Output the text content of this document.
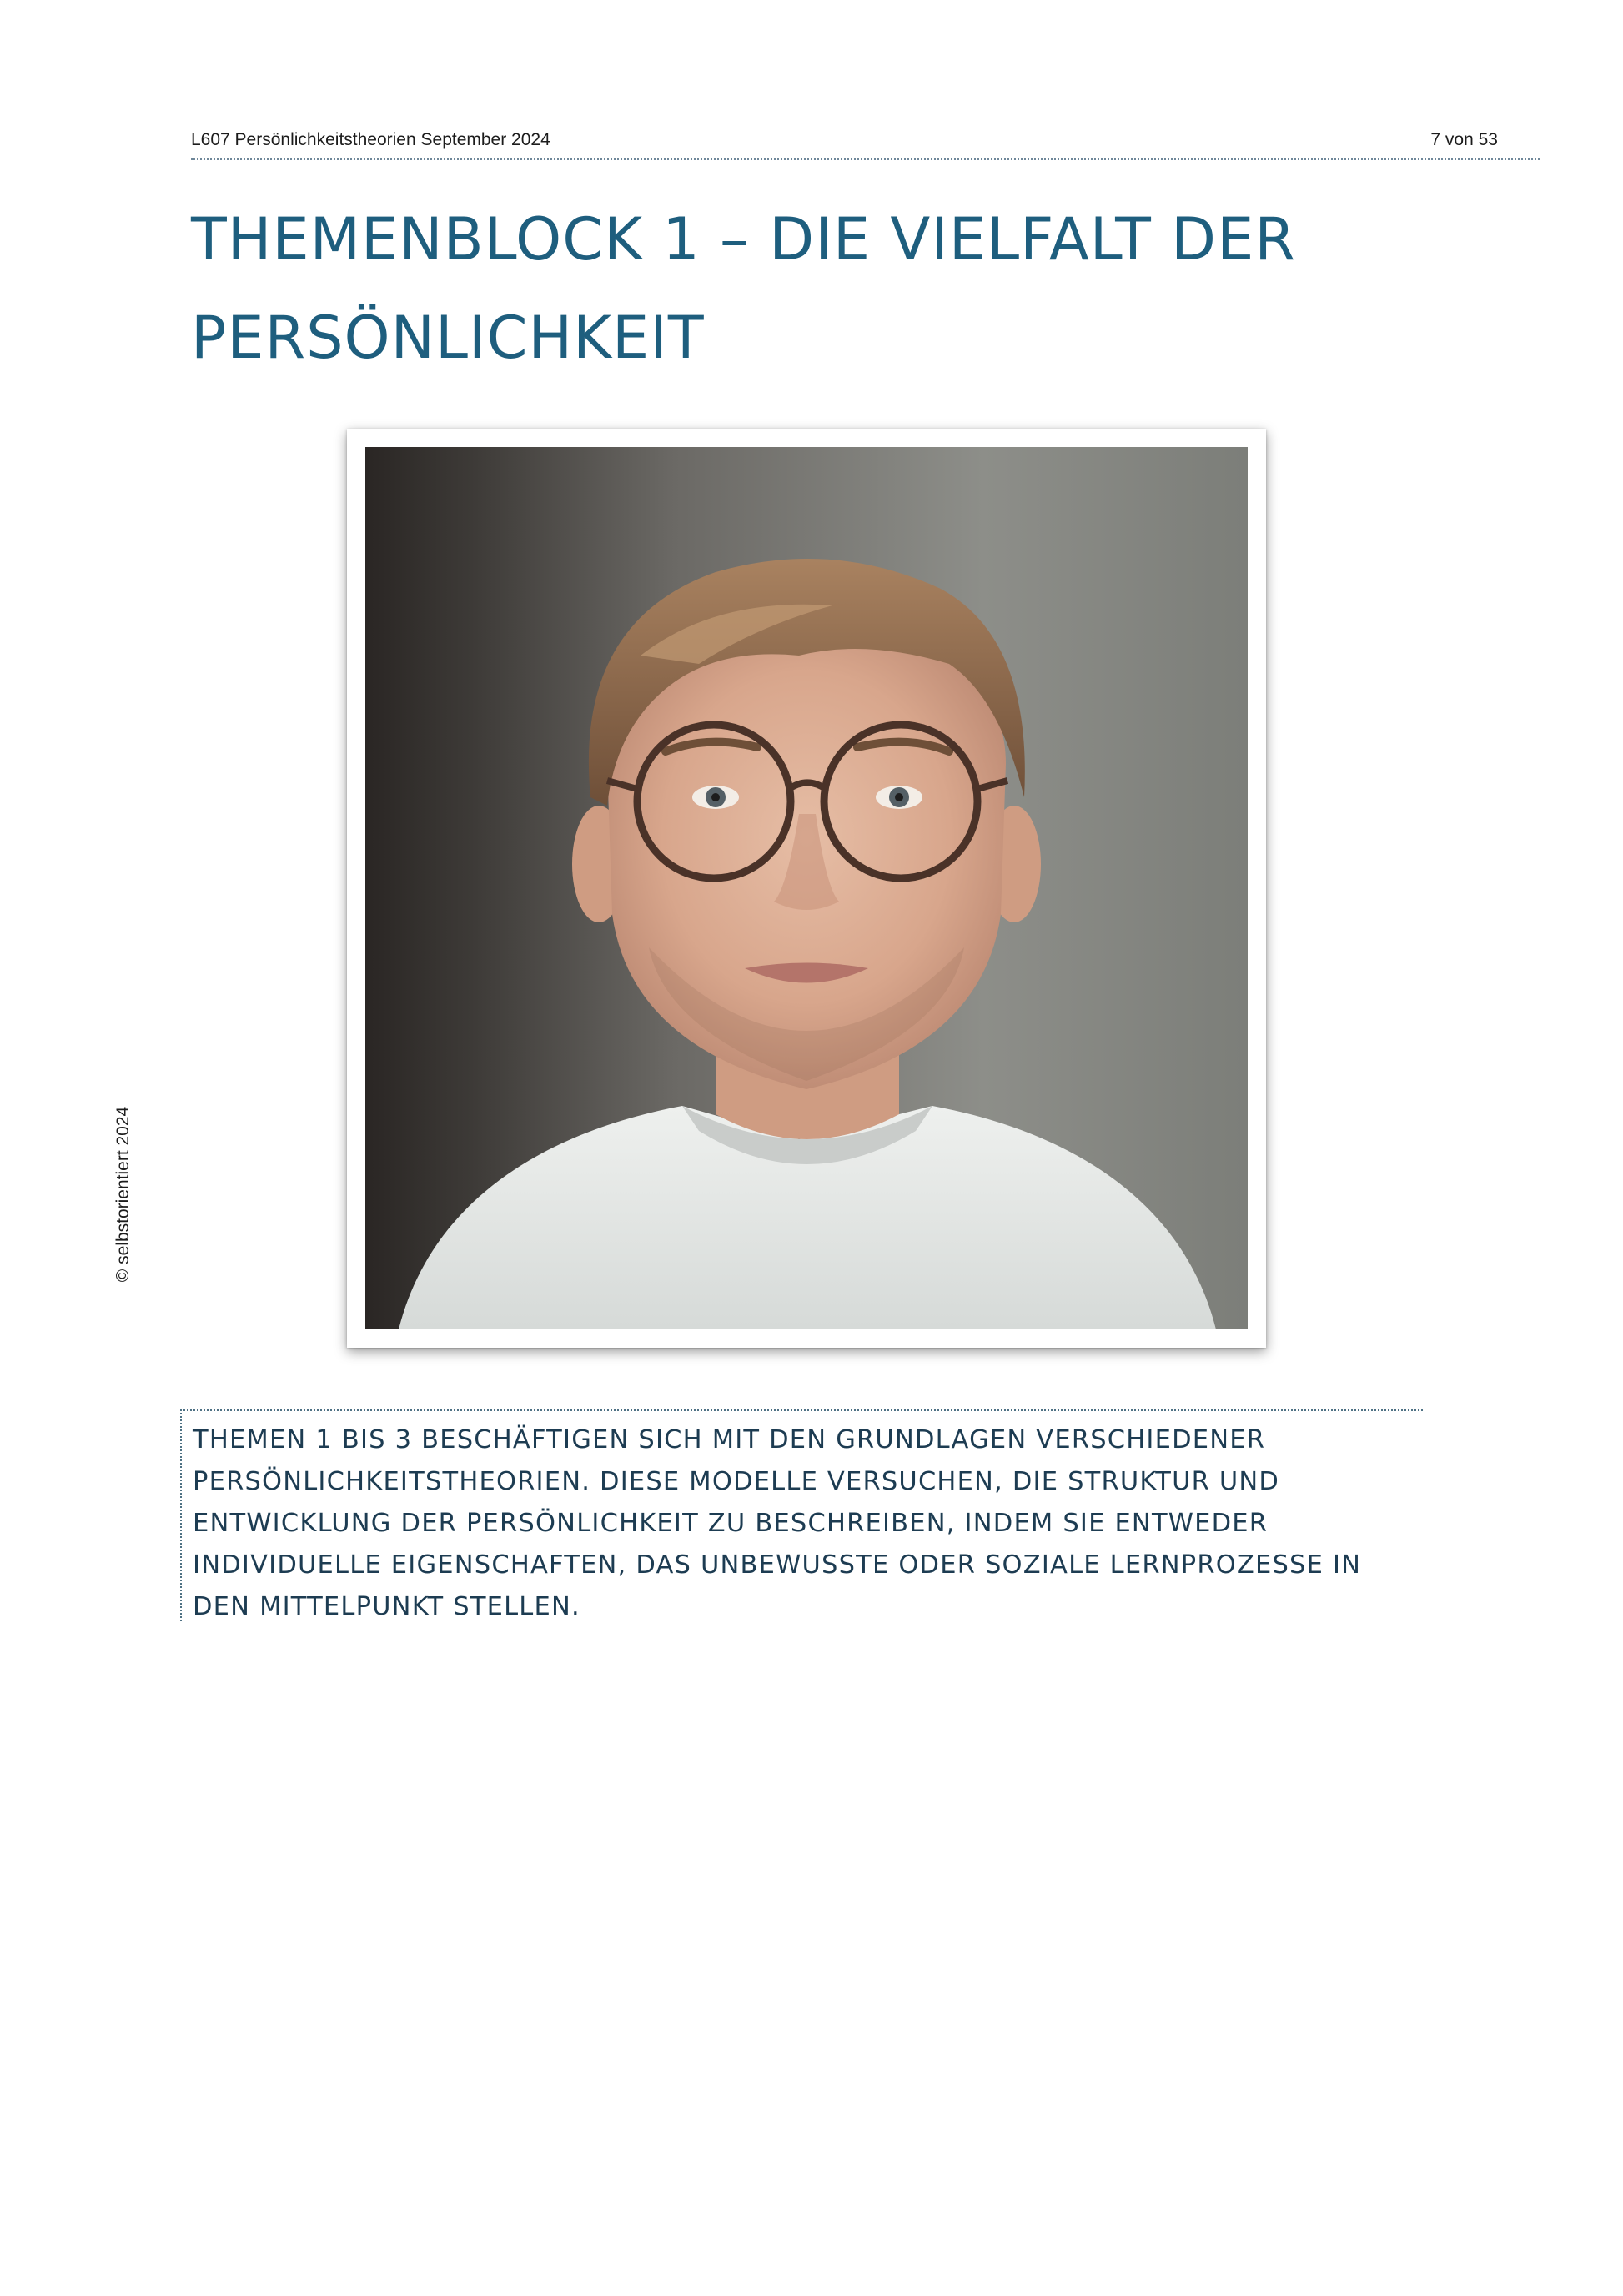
L607 Persönlichkeitstheorien September 2024	7 von 53
© selbstorientiert 2024
THEMENBLOCK 1 – DIE VIELFALT DER PERSÖNLICHKEIT

THEMEN 1 BIS 3 BESCHÄFTIGEN SICH MIT DEN GRUNDLAGEN VERSCHIEDENER
PERSÖNLICHKEITSTHEORIEN. DIESE MODELLE VERSUCHEN, DIE STRUKTUR UND
ENTWICKLUNG DER PERSÖNLICHKEIT ZU BESCHREIBEN, INDEM SIE ENTWEDER
INDIVIDUELLE EIGENSCHAFTEN, DAS UNBEWUSSTE ODER SOZIALE LERNPROZESSE IN
DEN MITTELPUNKT STELLEN.
